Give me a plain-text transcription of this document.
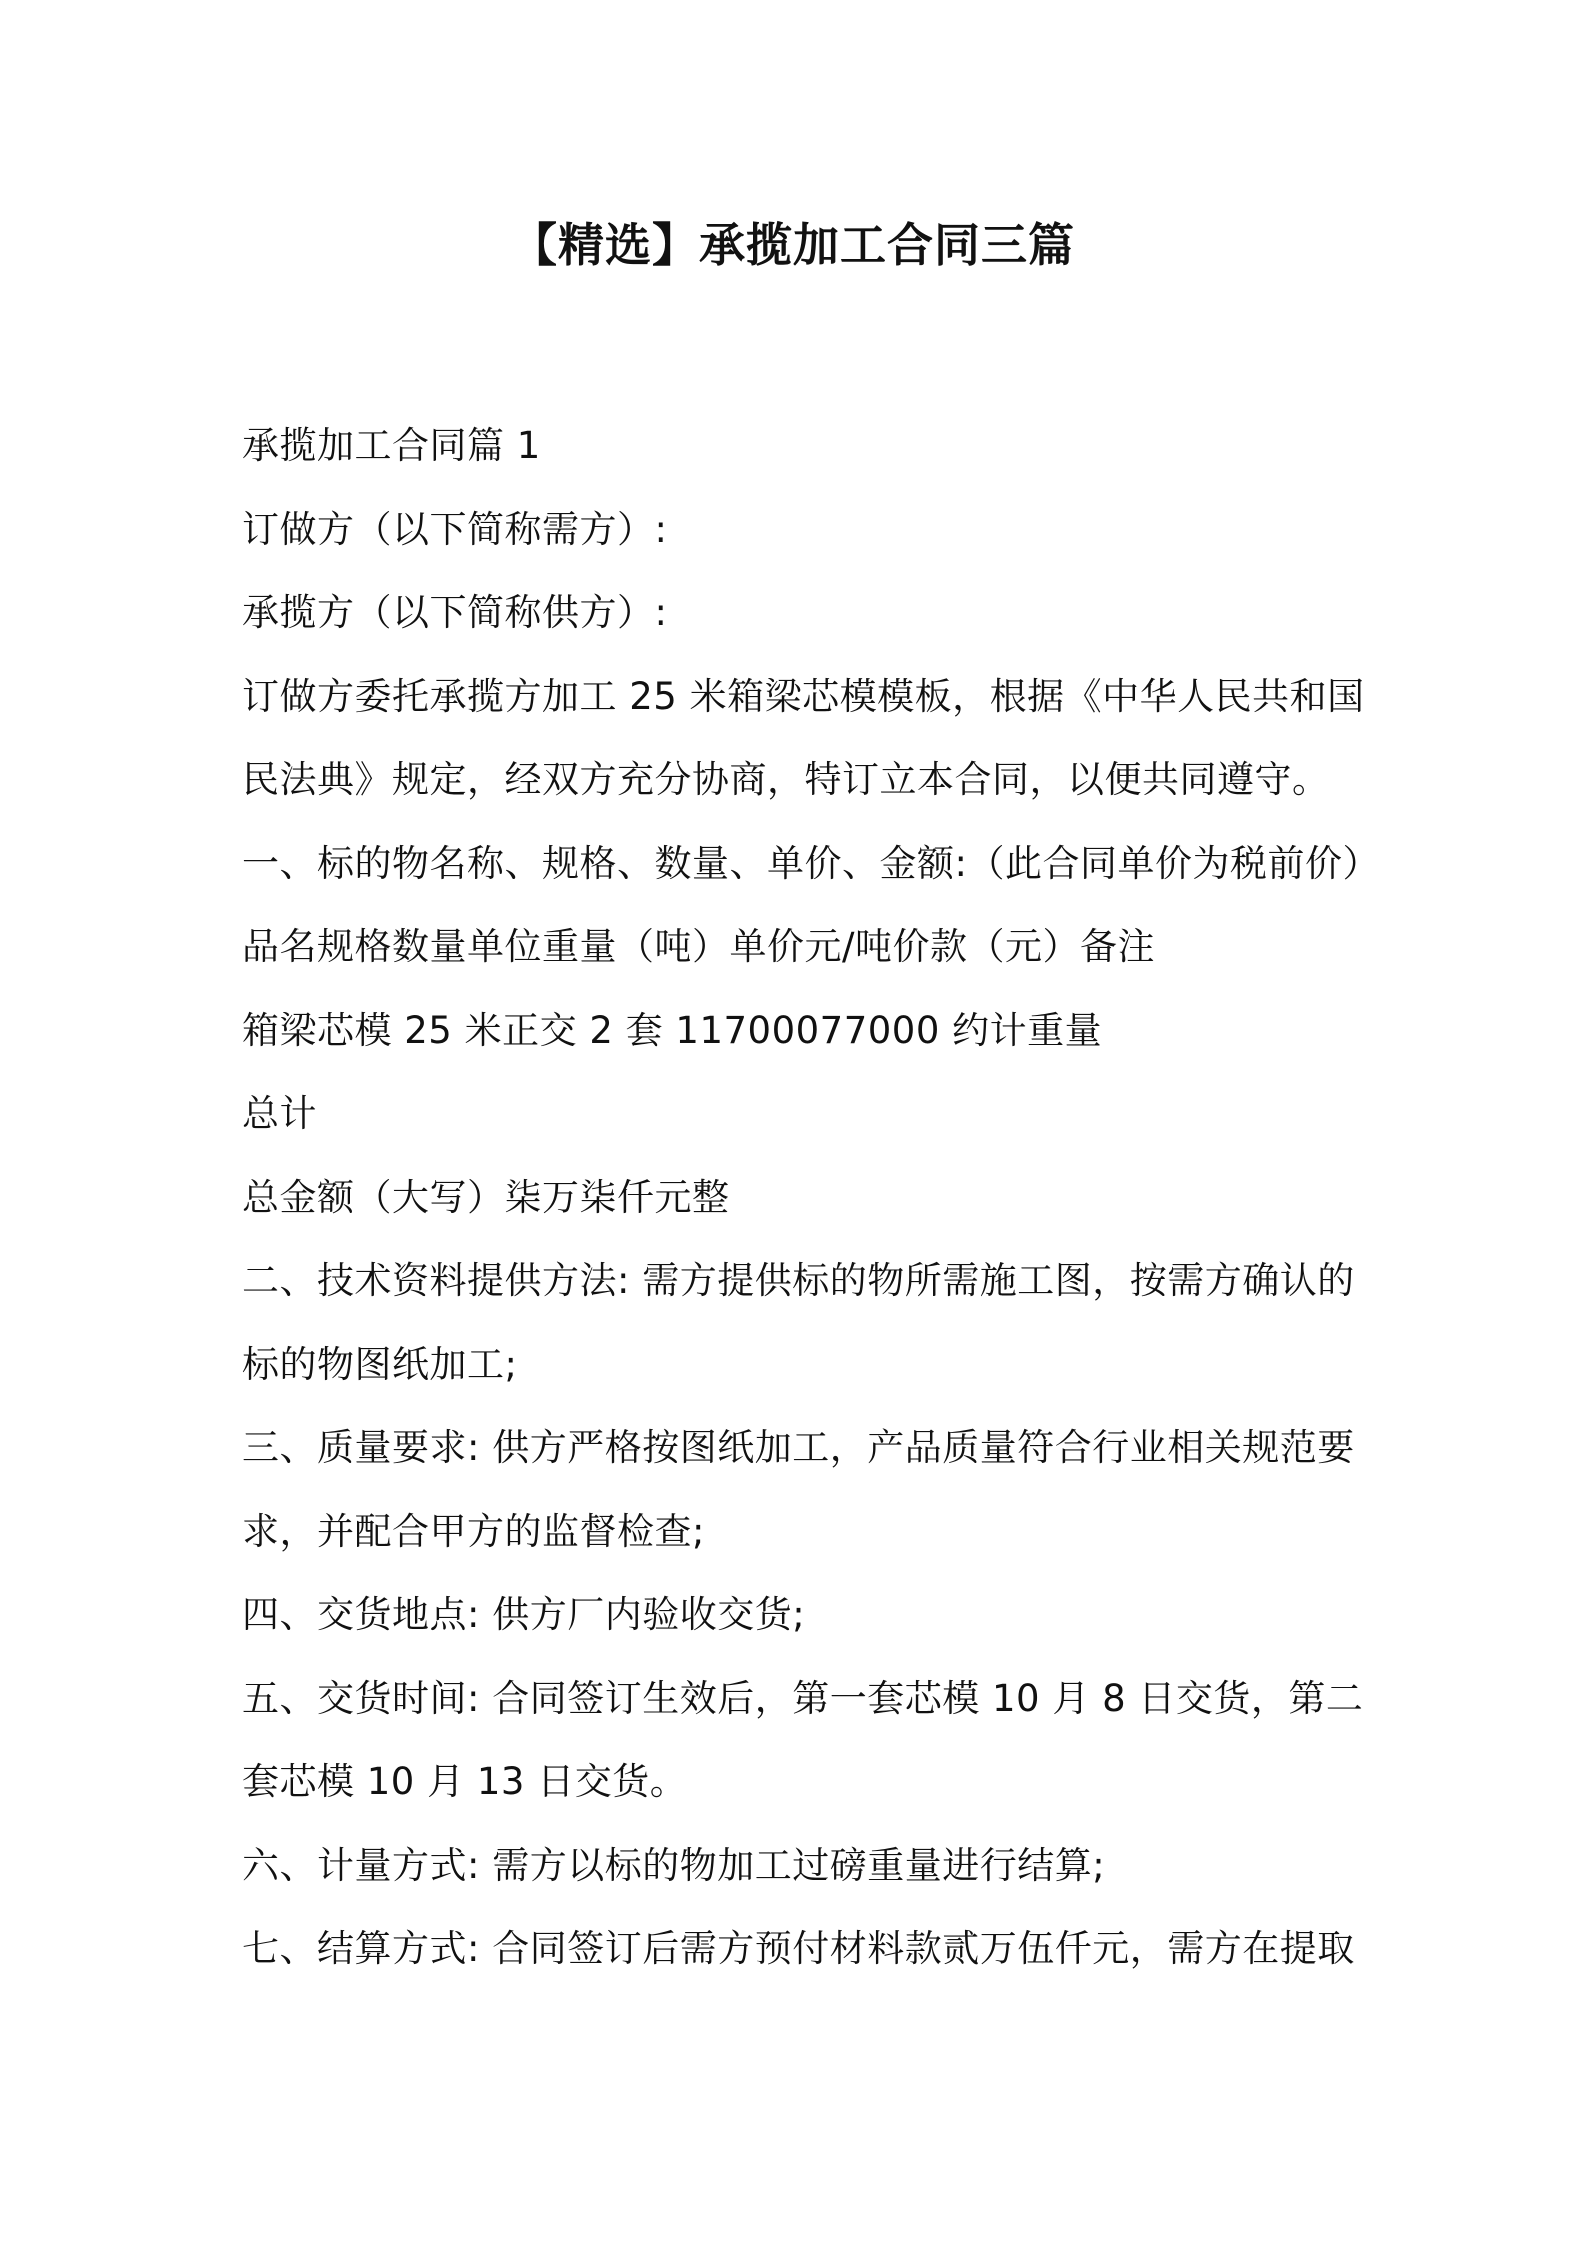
【精选】承揽加工合同三篇

承揽加工合同篇 1

订做方（以下简称需方）:

承揽方（以下简称供方）:

订做方委托承揽方加工 25 米箱梁芯模模板，根据《中华人民共和国

民法典》规定，经双方充分协商，特订立本合同，以便共同遵守。

一、标的物名称、规格、数量、单价、金额:（此合同单价为税前价）

品名规格数量单位重量（吨）单价元/吨价款（元）备注

箱梁芯模 25 米正交 2 套 11700077000 约计重量

总计

总金额（大写）柒万柒仟元整

二、技术资料提供方法: 需方提供标的物所需施工图，按需方确认的

标的物图纸加工;

三、质量要求: 供方严格按图纸加工，产品质量符合行业相关规范要

求，并配合甲方的监督检查;

四、交货地点: 供方厂内验收交货;

五、交货时间: 合同签订生效后，第一套芯模 10 月 8 日交货，第二

套芯模 10 月 13 日交货。

六、计量方式: 需方以标的物加工过磅重量进行结算;

七、结算方式: 合同签订后需方预付材料款贰万伍仟元，需方在提取
